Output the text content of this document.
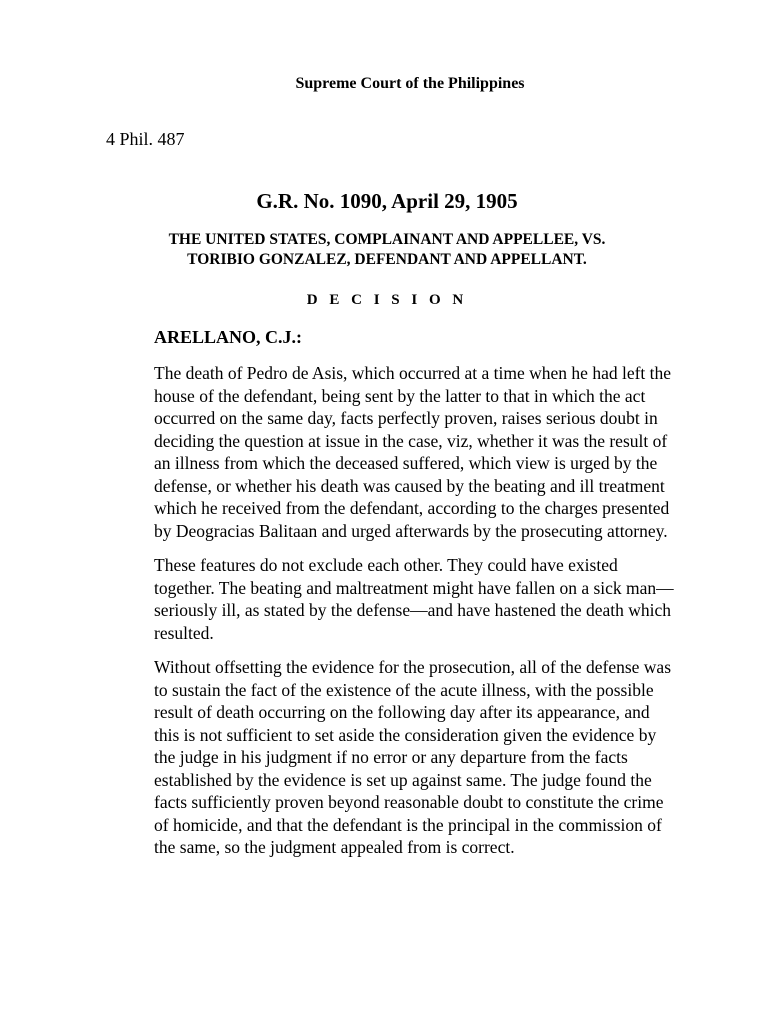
Supreme Court of the Philippines
4 Phil. 487
G.R. No. 1090, April 29, 1905
THE UNITED STATES, COMPLAINANT AND APPELLEE, VS.
TORIBIO GONZALEZ, DEFENDANT AND APPELLANT.
D E C I S I O N
ARELLANO, C.J.:

The death of Pedro de Asis, which occurred at a time when he had left the house of the defendant, being sent by the latter to that in which the act occurred on the same day, facts perfectly proven, raises serious doubt in deciding the question at issue in the case, viz, whether it was the result of an illness from which the deceased suffered, which view is urged by the defense, or whether his death was caused by the beating and ill treatment which he received from the defendant, according to the charges presented by Deogracias Balitaan and urged afterwards by the prosecuting attorney.

These features do not exclude each other. They could have existed together. The beating and maltreatment might have fallen on a sick man—seriously ill, as stated by the defense—and have hastened the death which resulted.

Without offsetting the evidence for the prosecution, all of the defense was to sustain the fact of the existence of the acute illness, with the possible result of death occurring on the following day after its appearance, and this is not sufficient to set aside the consideration given the evidence by the judge in his judgment if no error or any departure from the facts established by the evidence is set up against same. The judge found the facts sufficiently proven beyond reasonable doubt to constitute the crime of homicide, and that the defendant is the principal in the commission of the same, so the judgment appealed from is correct.
